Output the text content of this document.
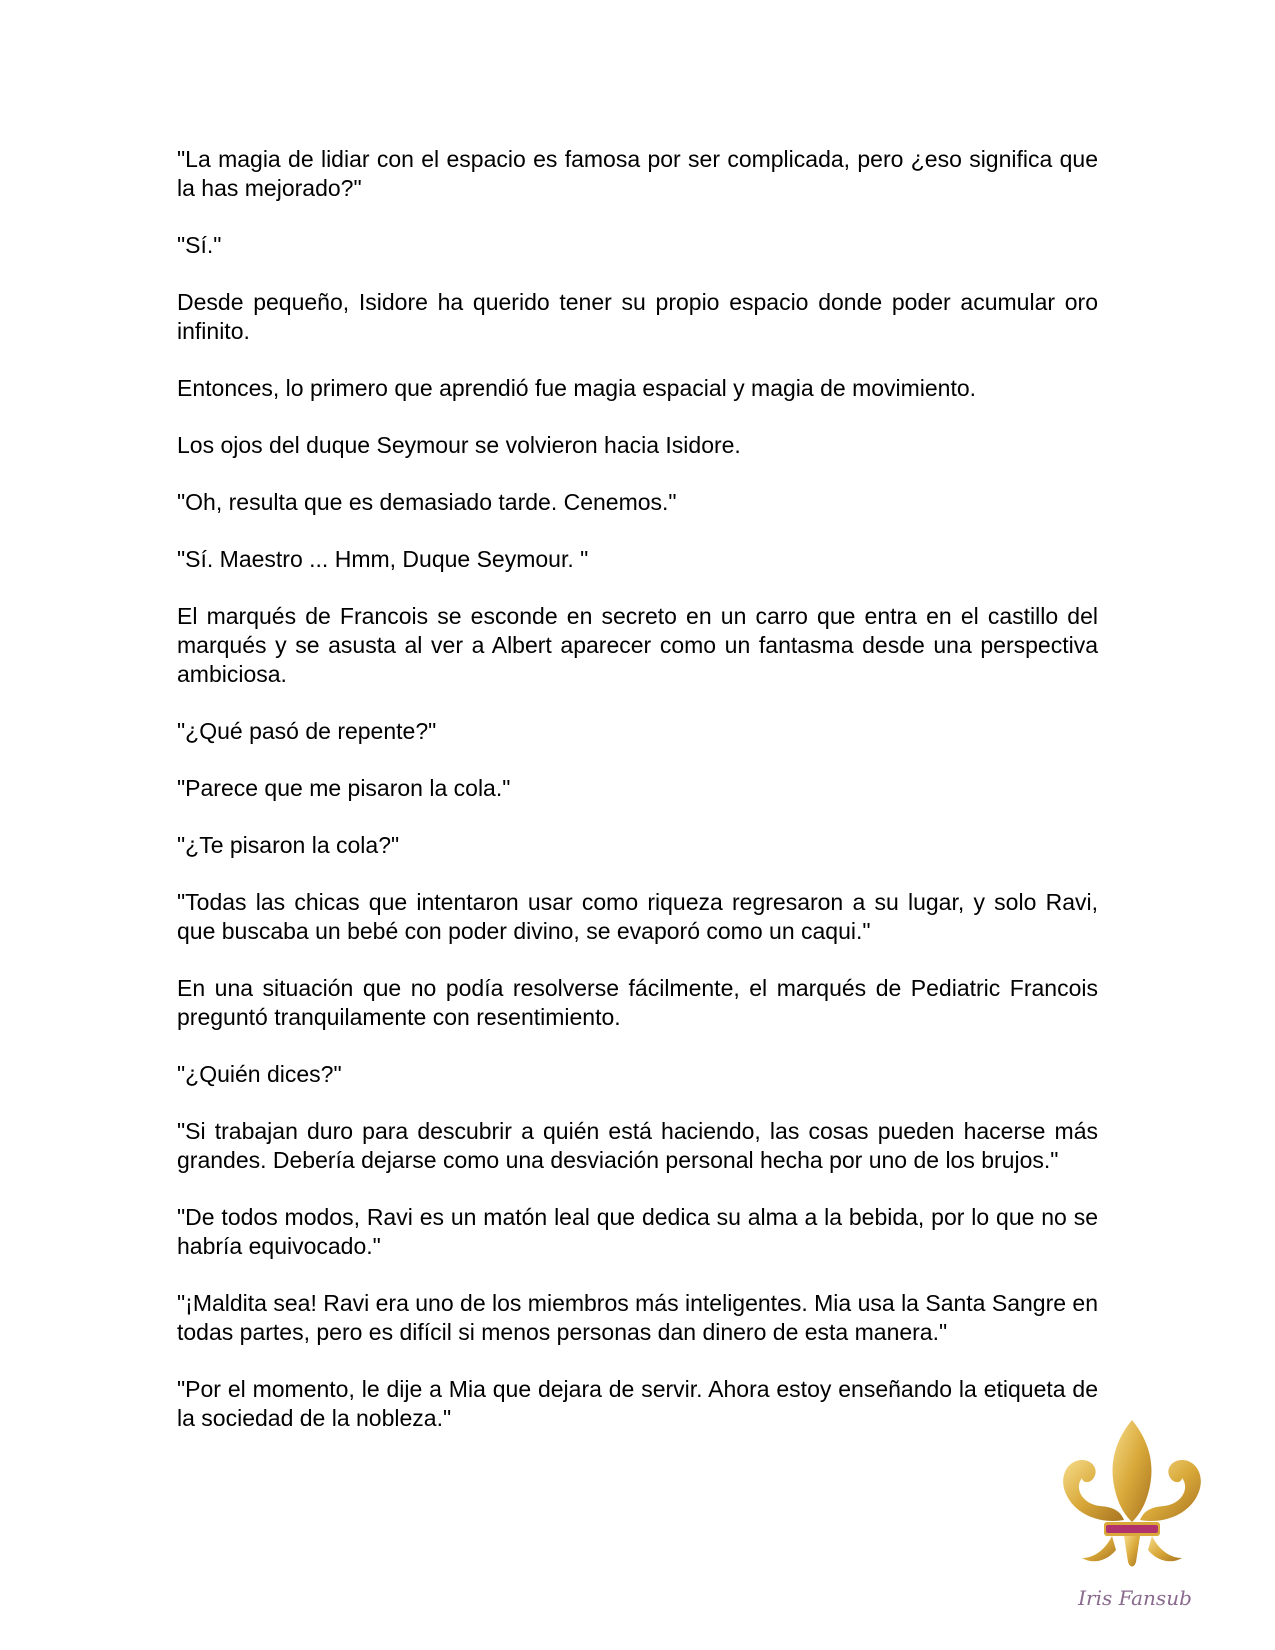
"La magia de lidiar con el espacio es famosa por ser complicada, pero ¿eso significa que la has mejorado?"

"Sí."

Desde pequeño, Isidore ha querido tener su propio espacio donde poder acumular oro infinito.

Entonces, lo primero que aprendió fue magia espacial y magia de movimiento.

Los ojos del duque Seymour se volvieron hacia Isidore.

"Oh, resulta que es demasiado tarde. Cenemos."

"Sí. Maestro ... Hmm, Duque Seymour. "

El marqués de Francois se esconde en secreto en un carro que entra en el castillo del marqués y se asusta al ver a Albert aparecer como un fantasma desde una perspectiva ambiciosa.

"¿Qué pasó de repente?"

"Parece que me pisaron la cola."

"¿Te pisaron la cola?"

"Todas las chicas que intentaron usar como riqueza regresaron a su lugar, y solo Ravi, que buscaba un bebé con poder divino, se evaporó como un caqui."

En una situación que no podía resolverse fácilmente, el marqués de Pediatric Francois preguntó tranquilamente con resentimiento.

"¿Quién dices?"

"Si trabajan duro para descubrir a quién está haciendo, las cosas pueden hacerse más grandes. Debería dejarse como una desviación personal hecha por uno de los brujos."

"De todos modos, Ravi es un matón leal que dedica su alma a la bebida, por lo que no se habría equivocado."

"¡Maldita sea! Ravi era uno de los miembros más inteligentes. Mia usa la Santa Sangre en todas partes, pero es difícil si menos personas dan dinero de esta manera."

"Por el momento, le dije a Mia que dejara de servir. Ahora estoy enseñando la etiqueta de la sociedad de la nobleza."

Iris Fansub
